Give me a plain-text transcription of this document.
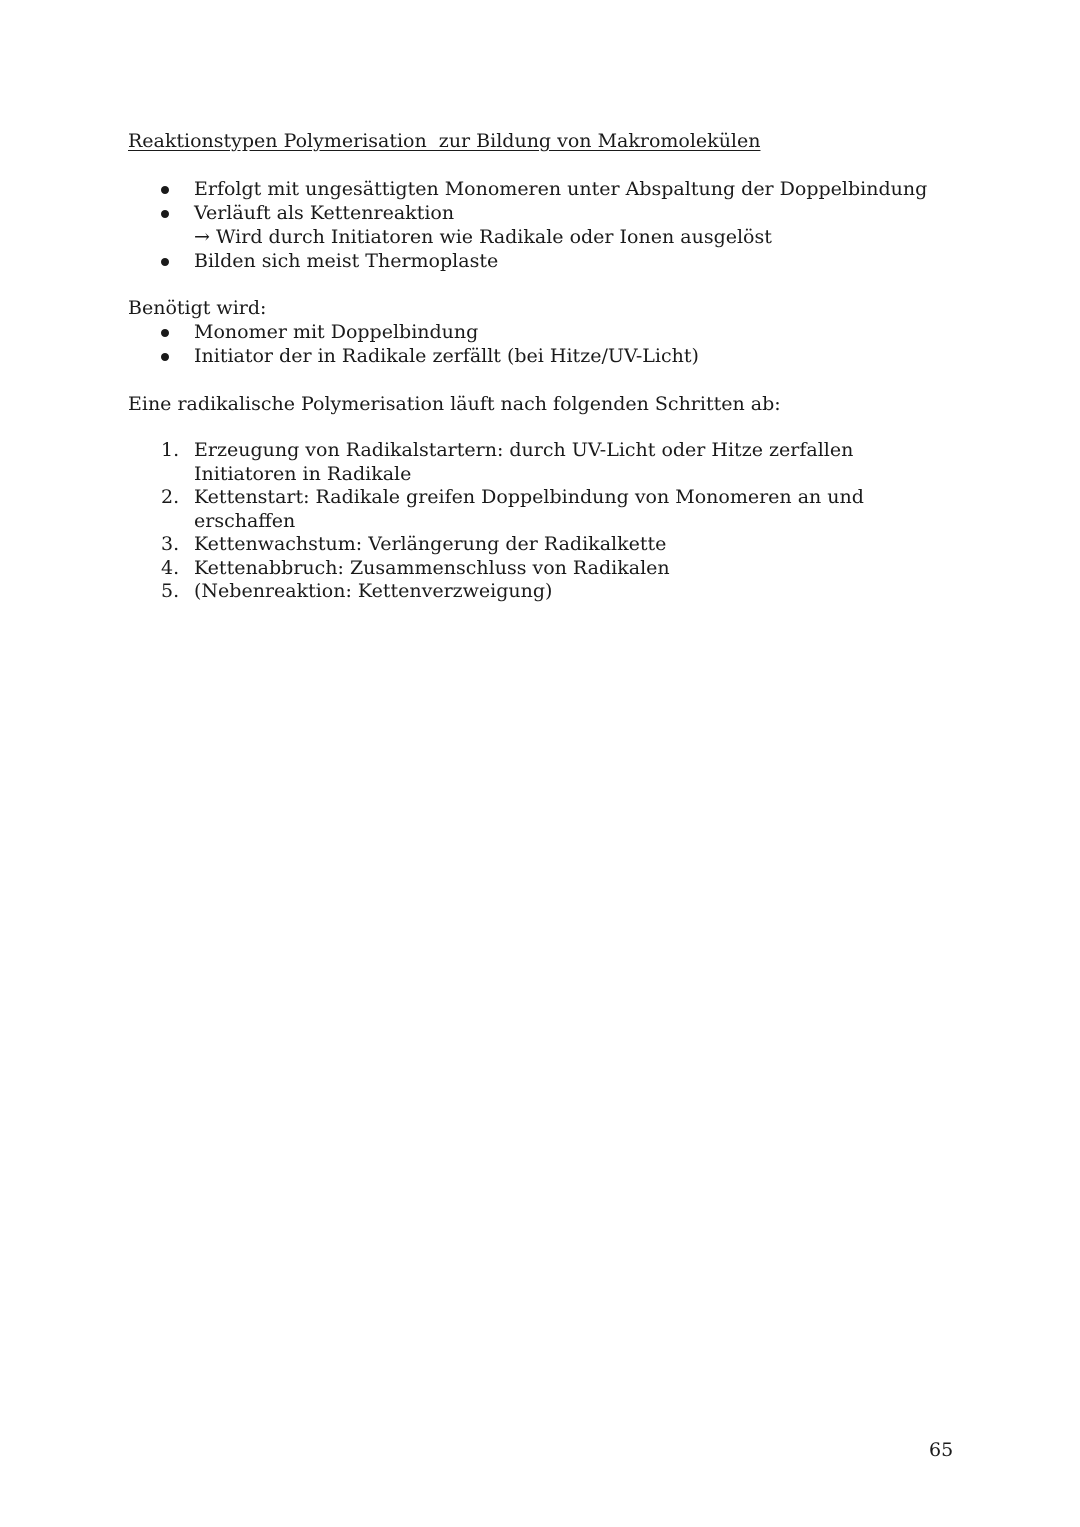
Reaktionstypen Polymerisation  zur Bildung von Makromolekülen
Erfolgt mit ungesättigten Monomeren unter Abspaltung der Doppelbindung
Verläuft als Kettenreaktion
→ Wird durch Initiatoren wie Radikale oder Ionen ausgelöst
Bilden sich meist Thermoplaste
Benötigt wird:
Monomer mit Doppelbindung
Initiator der in Radikale zerfällt (bei Hitze/UV-Licht)
Eine radikalische Polymerisation läuft nach folgenden Schritten ab:
1. Erzeugung von Radikalstartern: durch UV-Licht oder Hitze zerfallen Initiatoren in Radikale
2. Kettenstart: Radikale greifen Doppelbindung von Monomeren an und erschaffen
3. Kettenwachstum: Verlängerung der Radikalkette
4. Kettenabbruch: Zusammenschluss von Radikalen
5. (Nebenreaktion: Kettenverzweigung)
65
